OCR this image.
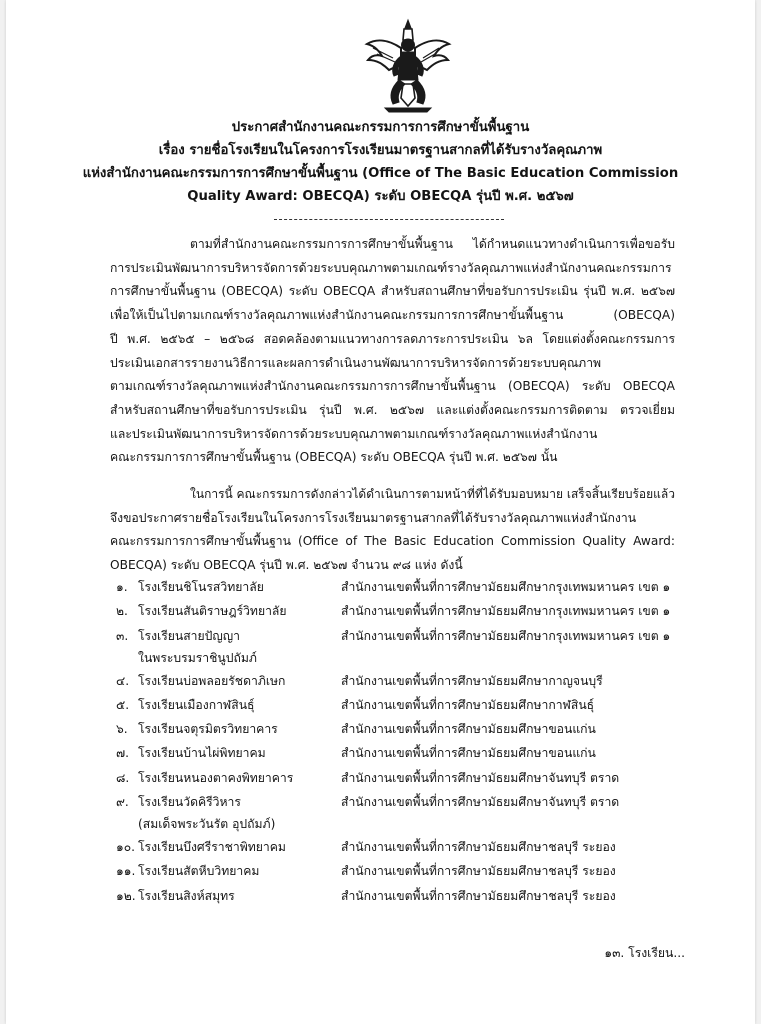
ประกาศสำนักงานคณะกรรมการการศึกษาขั้นพื้นฐาน
เรื่อง รายชื่อโรงเรียนในโครงการโรงเรียนมาตรฐานสากลที่ได้รับรางวัลคุณภาพ
แห่งสำนักงานคณะกรรมการการศึกษาขั้นพื้นฐาน (Office of The Basic Education Commission
Quality Award: OBECQA) ระดับ OBECQA รุ่นปี พ.ศ. ๒๕๖๗
ตามที่สำนักงานคณะกรรมการการศึกษาขั้นพื้นฐาน ได้กำหนดแนวทางดำเนินการเพื่อขอรับ
การประเมินพัฒนาการบริหารจัดการด้วยระบบคุณภาพตามเกณฑ์รางวัลคุณภาพแห่งสำนักงานคณะกรรมการ
การศึกษาขั้นพื้นฐาน (OBECQA) ระดับ OBECQA สำหรับสถานศึกษาที่ขอรับการประเมิน รุ่นปี พ.ศ. ๒๕๖๗
เพื่อให้เป็นไปตามเกณฑ์รางวัลคุณภาพแห่งสำนักงานคณะกรรมการการศึกษาขั้นพื้นฐาน (OBECQA)
ปี พ.ศ. ๒๕๖๕ – ๒๕๖๘ สอดคล้องตามแนวทางการลดภาระการประเมิน ๖ล โดยแต่งตั้งคณะกรรมการ
ประเมินเอกสารรายงานวิธีการและผลการดำเนินงานพัฒนาการบริหารจัดการด้วยระบบคุณภาพ
ตามเกณฑ์รางวัลคุณภาพแห่งสำนักงานคณะกรรมการการศึกษาขั้นพื้นฐาน (OBECQA) ระดับ OBECQA
สำหรับสถานศึกษาที่ขอรับการประเมิน รุ่นปี พ.ศ. ๒๕๖๗ และแต่งตั้งคณะกรรมการติดตาม ตรวจเยี่ยม
และประเมินพัฒนาการบริหารจัดการด้วยระบบคุณภาพตามเกณฑ์รางวัลคุณภาพแห่งสำนักงาน
คณะกรรมการการศึกษาขั้นพื้นฐาน (OBECQA) ระดับ OBECQA รุ่นปี พ.ศ. ๒๕๖๗ นั้น
ในการนี้ คณะกรรมการดังกล่าวได้ดำเนินการตามหน้าที่ที่ได้รับมอบหมาย เสร็จสิ้นเรียบร้อยแล้ว
จึงขอประกาศรายชื่อโรงเรียนในโครงการโรงเรียนมาตรฐานสากลที่ได้รับรางวัลคุณภาพแห่งสำนักงาน
คณะกรรมการการศึกษาขั้นพื้นฐาน (Office of The Basic Education Commission Quality Award:
OBECQA) ระดับ OBECQA รุ่นปี พ.ศ. ๒๕๖๗ จำนวน ๙๘ แห่ง ดังนี้
๑. โรงเรียนชิโนรสวิทยาลัย	สำนักงานเขตพื้นที่การศึกษามัธยมศึกษากรุงเทพมหานคร เขต ๑
๒. โรงเรียนสันติราษฎร์วิทยาลัย	สำนักงานเขตพื้นที่การศึกษามัธยมศึกษากรุงเทพมหานคร เขต ๑
๓. โรงเรียนสายปัญญา
ในพระบรมราชินูปถัมภ์
สำนักงานเขตพื้นที่การศึกษามัธยมศึกษากรุงเทพมหานคร เขต ๑
๔. โรงเรียนบ่อพลอยรัชดาภิเษก	สำนักงานเขตพื้นที่การศึกษามัธยมศึกษากาญจนบุรี
๕. โรงเรียนเมืองกาฬสินธุ์	สำนักงานเขตพื้นที่การศึกษามัธยมศึกษากาฬสินธุ์
๖. โรงเรียนจตุรมิตรวิทยาคาร	สำนักงานเขตพื้นที่การศึกษามัธยมศึกษาขอนแก่น
๗. โรงเรียนบ้านไผ่พิทยาคม	สำนักงานเขตพื้นที่การศึกษามัธยมศึกษาขอนแก่น
๘. โรงเรียนหนองตาคงพิทยาคาร	สำนักงานเขตพื้นที่การศึกษามัธยมศึกษาจันทบุรี ตราด
๙. โรงเรียนวัดคิรีวิหาร
(สมเด็จพระวันรัต อุปถัมภ์)
สำนักงานเขตพื้นที่การศึกษามัธยมศึกษาจันทบุรี ตราด
๑๐. โรงเรียนบึงศรีราชาพิทยาคม	สำนักงานเขตพื้นที่การศึกษามัธยมศึกษาชลบุรี ระยอง
๑๑. โรงเรียนสัตหีบวิทยาคม	สำนักงานเขตพื้นที่การศึกษามัธยมศึกษาชลบุรี ระยอง
๑๒. โรงเรียนสิงห์สมุทร	สำนักงานเขตพื้นที่การศึกษามัธยมศึกษาชลบุรี ระยอง
๑๓. โรงเรียน...
